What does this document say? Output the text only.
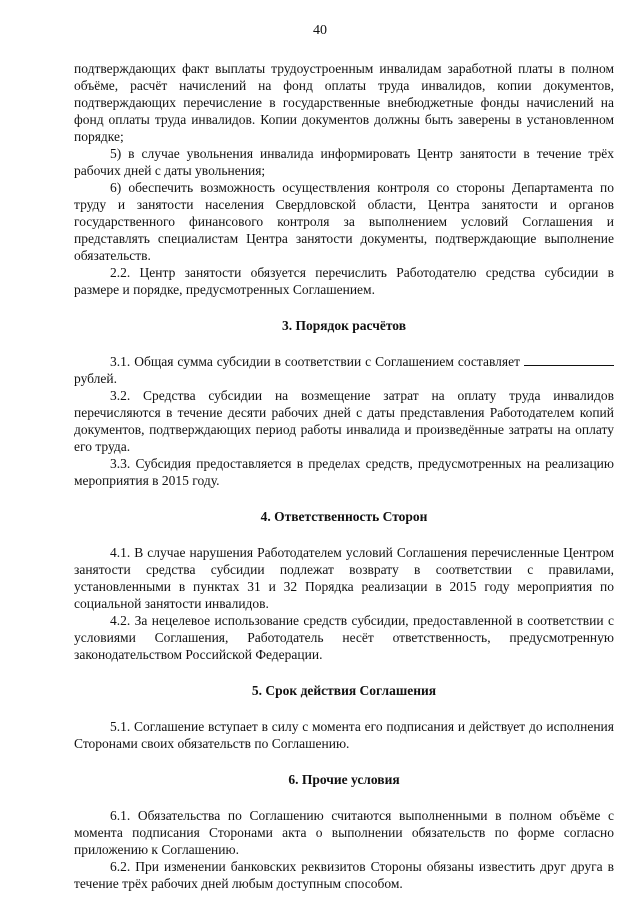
40

подтверждающих факт выплаты трудоустроенным инвалидам заработной платы в полном объёме, расчёт начислений на фонд оплаты труда инвалидов, копии документов, подтверждающих перечисление в государственные внебюджетные фонды начислений на фонд оплаты труда инвалидов. Копии документов должны быть заверены в установленном порядке;

5) в случае увольнения инвалида информировать Центр занятости в течение трёх рабочих дней с даты увольнения;

6) обеспечить возможность осуществления контроля со стороны Департамента по труду и занятости населения Свердловской области, Центра занятости и органов государственного финансового контроля за выполнением условий Соглашения и представлять специалистам Центра занятости документы, подтверждающие выполнение обязательств.

2.2. Центр занятости обязуется перечислить Работодателю средства субсидии в размере и порядке, предусмотренных Соглашением.

3. Порядок расчётов

3.1. Общая сумма субсидии в соответствии с Соглашением составляет  рублей.

3.2. Средства субсидии на возмещение затрат на оплату труда инвалидов перечисляются в течение десяти рабочих дней с даты представления Работодателем копий документов, подтверждающих период работы инвалида и произведённые затраты на оплату его труда.

3.3. Субсидия предоставляется в пределах средств, предусмотренных на реализацию мероприятия в 2015 году.

4. Ответственность Сторон

4.1. В случае нарушения Работодателем условий Соглашения перечисленные Центром занятости средства субсидии подлежат возврату в соответствии с правилами, установленными в пунктах 31 и 32 Порядка реализации в 2015 году мероприятия по социальной занятости инвалидов.

4.2. За нецелевое использование средств субсидии, предоставленной в соответствии с условиями Соглашения, Работодатель несёт ответственность, предусмотренную законодательством Российской Федерации.

5. Срок действия Соглашения

5.1. Соглашение вступает в силу с момента его подписания и действует до исполнения Сторонами своих обязательств по Соглашению.

6. Прочие условия

6.1. Обязательства по Соглашению считаются выполненными в полном объёме с момента подписания Сторонами акта о выполнении обязательств по форме согласно приложению к Соглашению.

6.2. При изменении банковских реквизитов Стороны обязаны известить друг друга в течение трёх рабочих дней любым доступным способом.
